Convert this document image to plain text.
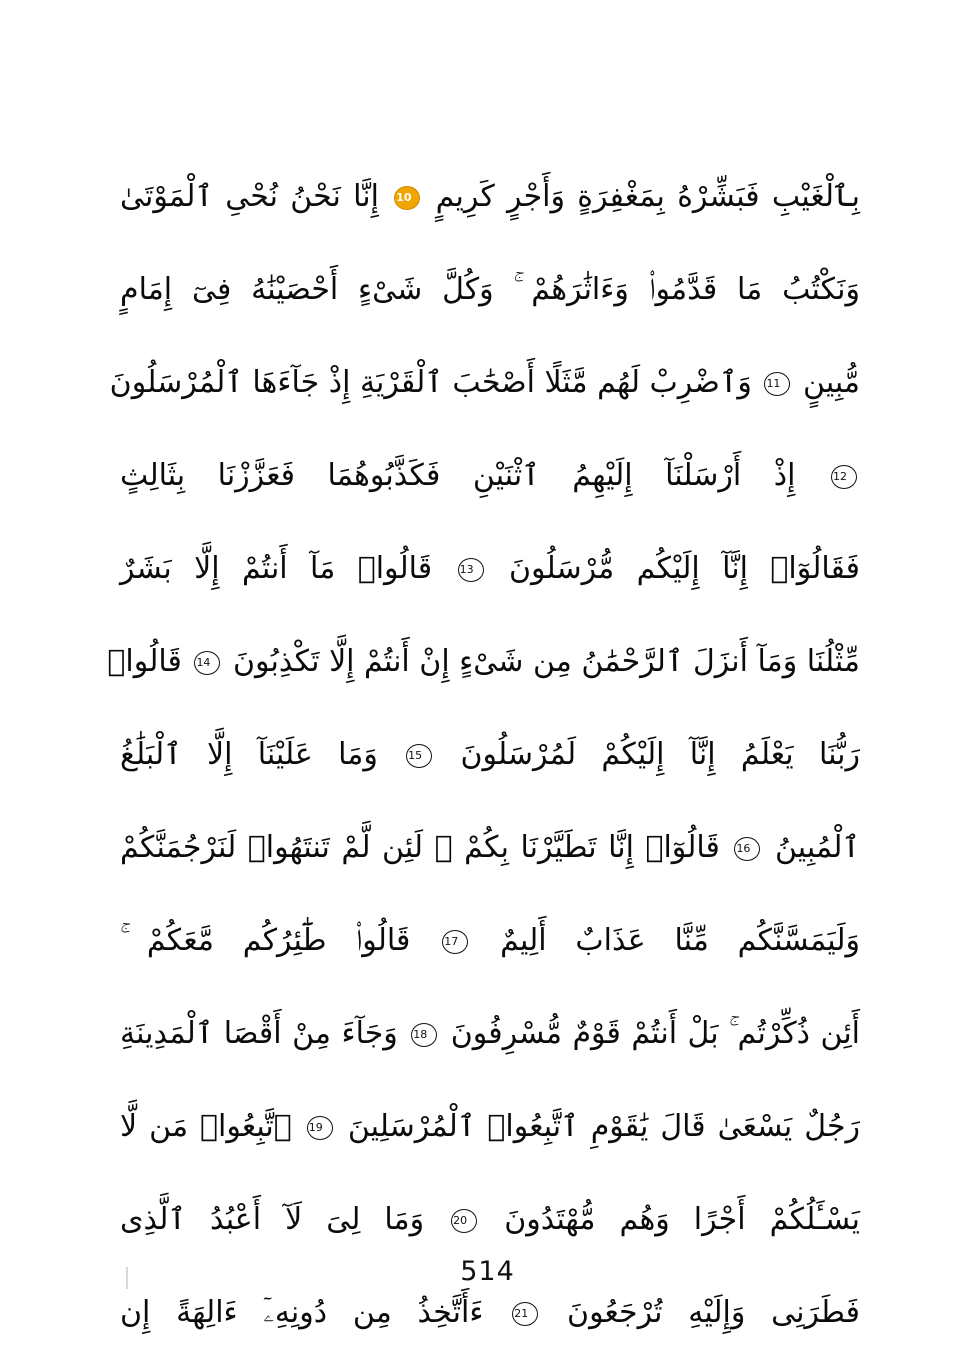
بِٱلْغَيْبِ فَبَشِّرْهُ بِمَغْفِرَةٍ وَأَجْرٍ كَرِيمٍ 10 إِنَّا نَحْنُ نُحْىِ ٱلْمَوْتَىٰ
وَنَكْتُبُ مَا قَدَّمُوا۟ وَءَاثَٰرَهُمْ ۚ وَكُلَّ شَىْءٍ أَحْصَيْنَٰهُ فِىٓ إِمَامٍ
مُّبِينٍ 11 وَٱضْرِبْ لَهُم مَّثَلًا أَصْحَٰبَ ٱلْقَرْيَةِ إِذْ جَآءَهَا ٱلْمُرْسَلُونَ
12 إِذْ أَرْسَلْنَآ إِلَيْهِمُ ٱثْنَيْنِ فَكَذَّبُوهُمَا فَعَزَّزْنَا بِثَالِثٍ
فَقَالُوٓا۟ إِنَّآ إِلَيْكُم مُّرْسَلُونَ 13 قَالُوا۟ مَآ أَنتُمْ إِلَّا بَشَرٌ
مِّثْلُنَا وَمَآ أَنزَلَ ٱلرَّحْمَٰنُ مِن شَىْءٍ إِنْ أَنتُمْ إِلَّا تَكْذِبُونَ 14 قَالُوا۟
رَبُّنَا يَعْلَمُ إِنَّآ إِلَيْكُمْ لَمُرْسَلُونَ 15 وَمَا عَلَيْنَآ إِلَّا ٱلْبَلَٰغُ
ٱلْمُبِينُ 16 قَالُوٓا۟ إِنَّا تَطَيَّرْنَا بِكُمْ ۖ لَئِن لَّمْ تَنتَهُوا۟ لَنَرْجُمَنَّكُمْ
وَلَيَمَسَّنَّكُم مِّنَّا عَذَابٌ أَلِيمٌ 17 قَالُوا۟ طَٰٓئِرُكُم مَّعَكُمْ ۚ
أَئِن ذُكِّرْتُم ۚ بَلْ أَنتُمْ قَوْمٌ مُّسْرِفُونَ 18 وَجَآءَ مِنْ أَقْصَا ٱلْمَدِينَةِ
رَجُلٌ يَسْعَىٰ قَالَ يَٰقَوْمِ ٱتَّبِعُوا۟ ٱلْمُرْسَلِينَ 19 ٱتَّبِعُوا۟ مَن لَّا
يَسْـَٔلُكُمْ أَجْرًا وَهُم مُّهْتَدُونَ 20 وَمَا لِىَ لَآ أَعْبُدُ ٱلَّذِى
فَطَرَنِى وَإِلَيْهِ تُرْجَعُونَ 21 ءَأَتَّخِذُ مِن دُونِهِۦٓ ءَالِهَةً إِن
514
